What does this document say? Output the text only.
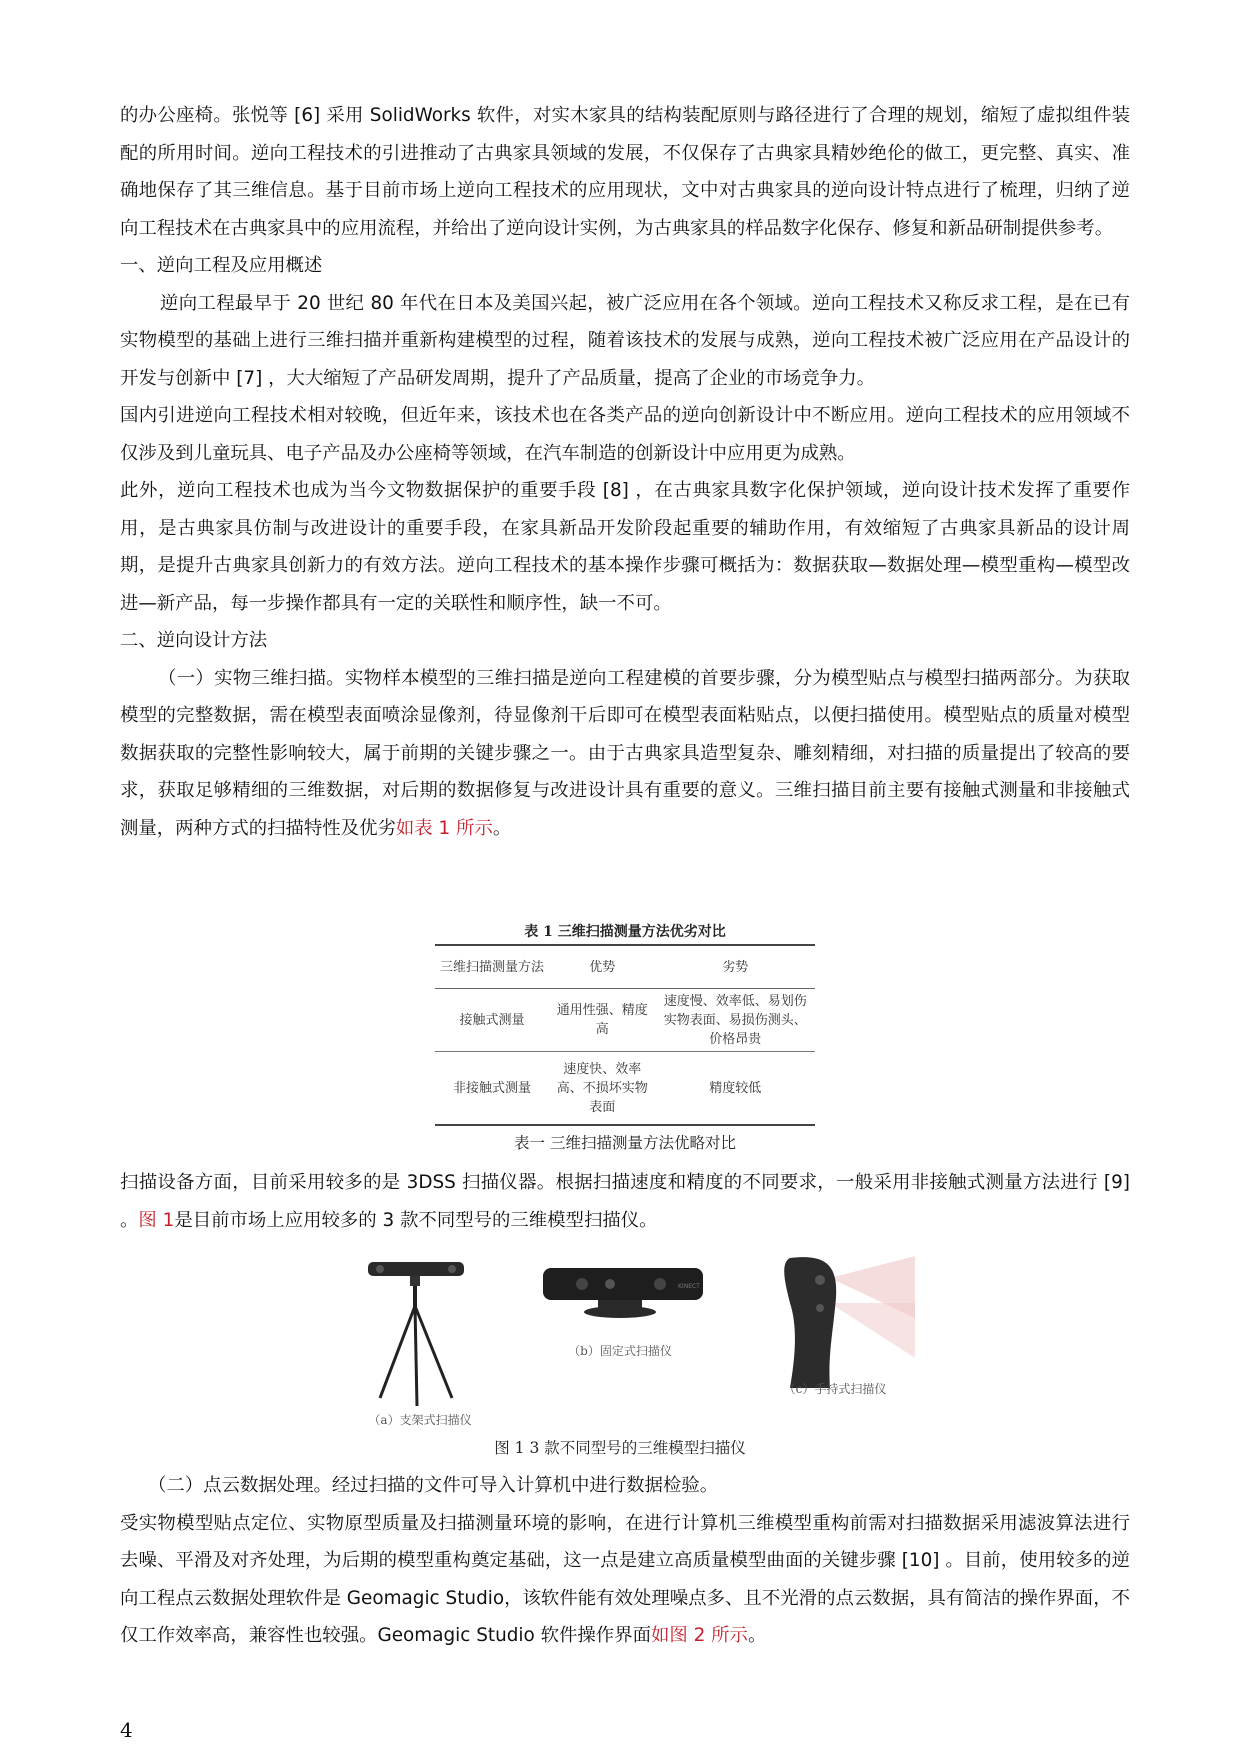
的办公座椅。张悦等 [6] 采用 SolidWorks 软件，对实木家具的结构装配原则与路径进行了合理的规划，缩短了虚拟组件装配的所用时间。逆向工程技术的引进推动了古典家具领域的发展，不仅保存了古典家具精妙绝伦的做工，更完整、真实、准确地保存了其三维信息。基于目前市场上逆向工程技术的应用现状，文中对古典家具的逆向设计特点进行了梳理，归纳了逆向工程技术在古典家具中的应用流程，并给出了逆向设计实例，为古典家具的样品数字化保存、修复和新品研制提供参考。

一、逆向工程及应用概述

逆向工程最早于 20 世纪 80 年代在日本及美国兴起，被广泛应用在各个领域。逆向工程技术又称反求工程，是在已有实物模型的基础上进行三维扫描并重新构建模型的过程，随着该技术的发展与成熟，逆向工程技术被广泛应用在产品设计的开发与创新中 [7] ，大大缩短了产品研发周期，提升了产品质量，提高了企业的市场竞争力。

国内引进逆向工程技术相对较晚，但近年来，该技术也在各类产品的逆向创新设计中不断应用。逆向工程技术的应用领域不仅涉及到儿童玩具、电子产品及办公座椅等领域，在汽车制造的创新设计中应用更为成熟。

此外，逆向工程技术也成为当今文物数据保护的重要手段 [8] ，在古典家具数字化保护领域，逆向设计技术发挥了重要作用，是古典家具仿制与改进设计的重要手段，在家具新品开发阶段起重要的辅助作用，有效缩短了古典家具新品的设计周期，是提升古典家具创新力的有效方法。逆向工程技术的基本操作步骤可概括为：数据获取—数据处理—模型重构—模型改进—新产品，每一步操作都具有一定的关联性和顺序性，缺一不可。

二、逆向设计方法

（一）实物三维扫描。实物样本模型的三维扫描是逆向工程建模的首要步骤，分为模型贴点与模型扫描两部分。为获取模型的完整数据，需在模型表面喷涂显像剂，待显像剂干后即可在模型表面粘贴点，以便扫描使用。模型贴点的质量对模型数据获取的完整性影响较大，属于前期的关键步骤之一。由于古典家具造型复杂、雕刻精细，对扫描的质量提出了较高的要求，获取足够精细的三维数据，对后期的数据修复与改进设计具有重要的意义。三维扫描目前主要有接触式测量和非接触式测量，两种方式的扫描特性及优劣如表 1 所示。

表 1 三维扫描测量方法优劣对比
三维扫描测量方法	优势	劣势
接触式测量	通用性强、精度高	速度慢、效率低、易划伤实物表面、易损伤测头、价格昂贵
非接触式测量	速度快、效率高、不损坏实物表面	精度较低
表一 三维扫描测量方法优略对比

扫描设备方面，目前采用较多的是 3DSS 扫描仪器。根据扫描速度和精度的不同要求，一般采用非接触式测量方法进行 [9] 。图 1是目前市场上应用较多的 3 款不同型号的三维模型扫描仪。

KINECT
（a）支架式扫描仪
（b）固定式扫描仪
（c）手持式扫描仪
图 1 3 款不同型号的三维模型扫描仪

（二）点云数据处理。经过扫描的文件可导入计算机中进行数据检验。

受实物模型贴点定位、实物原型质量及扫描测量环境的影响，在进行计算机三维模型重构前需对扫描数据采用滤波算法进行去噪、平滑及对齐处理，为后期的模型重构奠定基础，这一点是建立高质量模型曲面的关键步骤 [10] 。目前，使用较多的逆向工程点云数据处理软件是 Geomagic Studio，该软件能有效处理噪点多、且不光滑的点云数据，具有简洁的操作界面，不仅工作效率高，兼容性也较强。Geomagic Studio 软件操作界面如图 2 所示。

4
